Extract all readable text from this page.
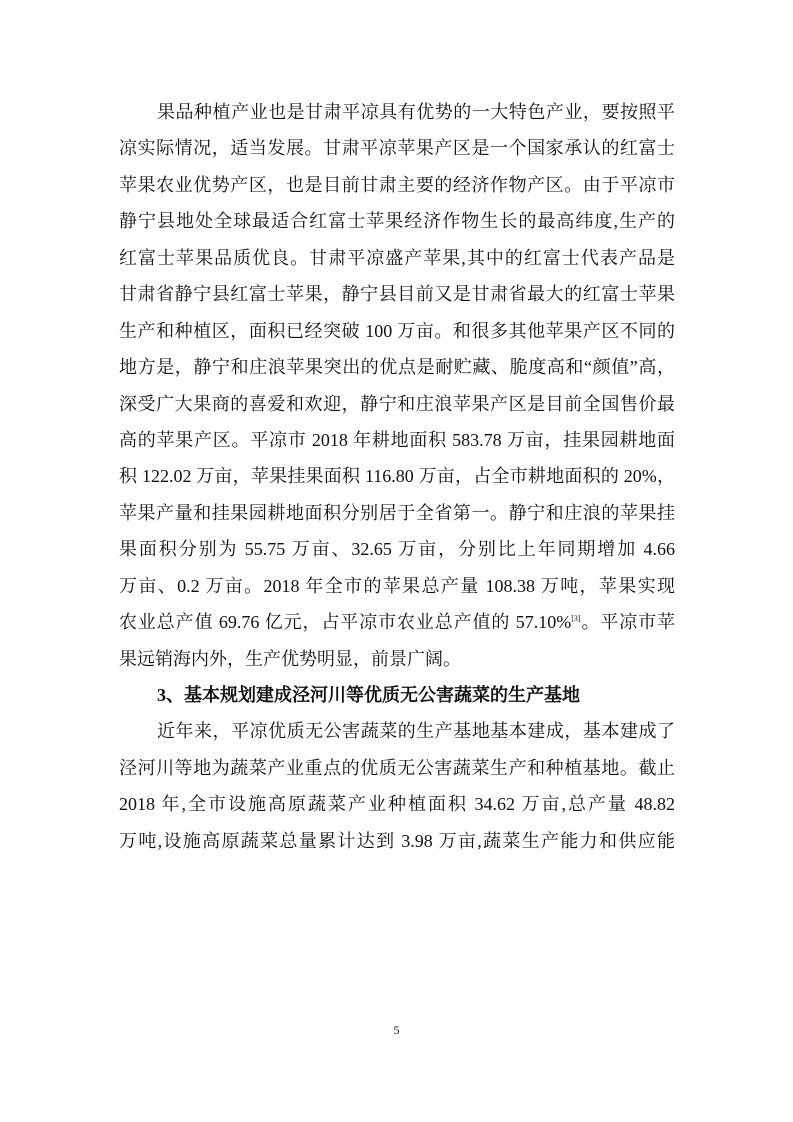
果品种植产业也是甘肃平凉具有优势的一大特色产业，要按照平
凉实际情况，适当发展。甘肃平凉苹果产区是一个国家承认的红富士
苹果农业优势产区，也是目前甘肃主要的经济作物产区。由于平凉市
静宁县地处全球最适合红富士苹果经济作物生长的最高纬度,生产的
红富士苹果品质优良。甘肃平凉盛产苹果,其中的红富士代表产品是
甘肃省静宁县红富士苹果，静宁县目前又是甘肃省最大的红富士苹果
生产和种植区，面积已经突破 100 万亩。和很多其他苹果产区不同的
地方是，静宁和庄浪苹果突出的优点是耐贮藏、脆度高和“颜值”高，
深受广大果商的喜爱和欢迎，静宁和庄浪苹果产区是目前全国售价最
高的苹果产区。平凉市 2018 年耕地面积 583.78 万亩，挂果园耕地面
积 122.02 万亩，苹果挂果面积 116.80 万亩，占全市耕地面积的 20%，
苹果产量和挂果园耕地面积分别居于全省第一。静宁和庄浪的苹果挂
果面积分别为 55.75 万亩、32.65 万亩，分别比上年同期增加 4.66
万亩、0.2 万亩。2018 年全市的苹果总产量 108.38 万吨，苹果实现
农业总产值 69.76 亿元，占平凉市农业总产值的 57.10%[3]。平凉市苹
果远销海内外，生产优势明显，前景广阔。
3、基本规划建成泾河川等优质无公害蔬菜的生产基地
近年来，平凉优质无公害蔬菜的生产基地基本建成，基本建成了
泾河川等地为蔬菜产业重点的优质无公害蔬菜生产和种植基地。截止
2018 年,全市设施高原蔬菜产业种植面积 34.62 万亩,总产量 48.82
万吨,设施高原蔬菜总量累计达到 3.98 万亩,蔬菜生产能力和供应能
5
